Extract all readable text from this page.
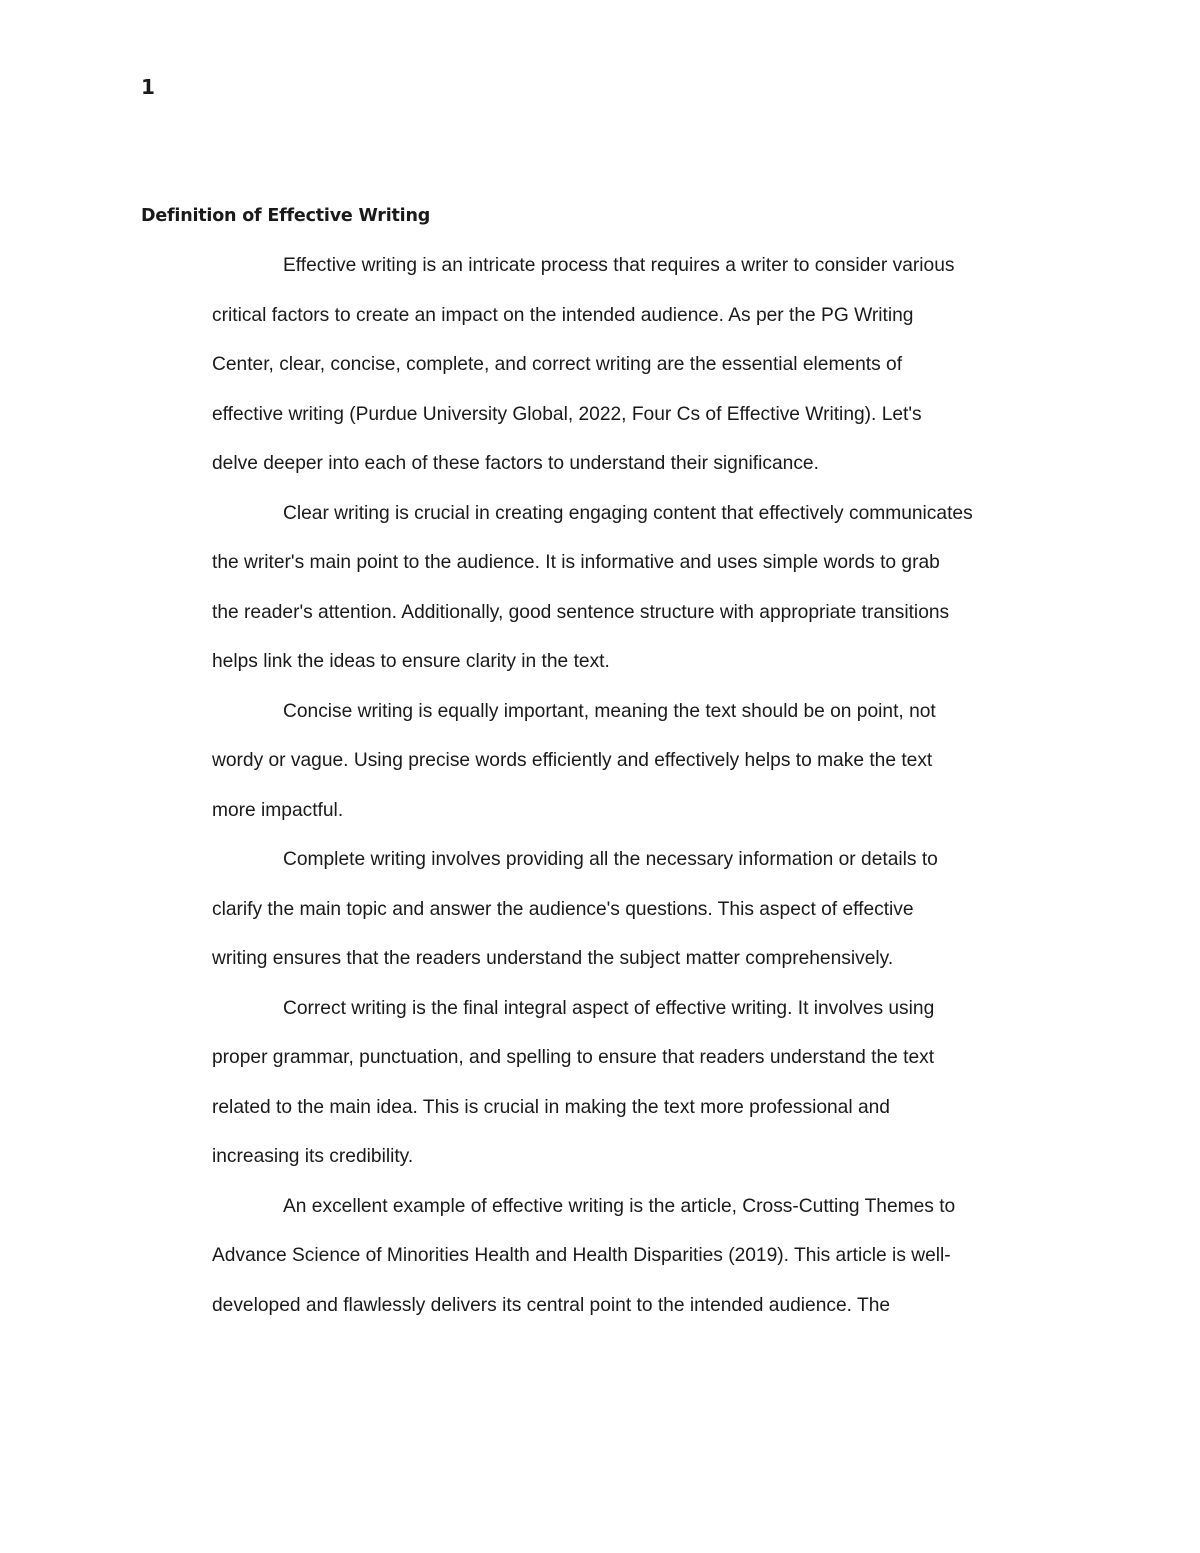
1

Definition of Effective Writing

Effective writing is an intricate process that requires a writer to consider various
critical factors to create an impact on the intended audience. As per the PG Writing
Center, clear, concise, complete, and correct writing are the essential elements of
effective writing (Purdue University Global, 2022, Four Cs of Effective Writing). Let's
delve deeper into each of these factors to understand their significance.
Clear writing is crucial in creating engaging content that effectively communicates
the writer's main point to the audience. It is informative and uses simple words to grab
the reader's attention. Additionally, good sentence structure with appropriate transitions
helps link the ideas to ensure clarity in the text.
Concise writing is equally important, meaning the text should be on point, not
wordy or vague. Using precise words efficiently and effectively helps to make the text
more impactful.
Complete writing involves providing all the necessary information or details to
clarify the main topic and answer the audience's questions. This aspect of effective
writing ensures that the readers understand the subject matter comprehensively.
Correct writing is the final integral aspect of effective writing. It involves using
proper grammar, punctuation, and spelling to ensure that readers understand the text
related to the main idea. This is crucial in making the text more professional and
increasing its credibility.
An excellent example of effective writing is the article, Cross-Cutting Themes to
Advance Science of Minorities Health and Health Disparities (2019). This article is well-
developed and flawlessly delivers its central point to the intended audience. The
